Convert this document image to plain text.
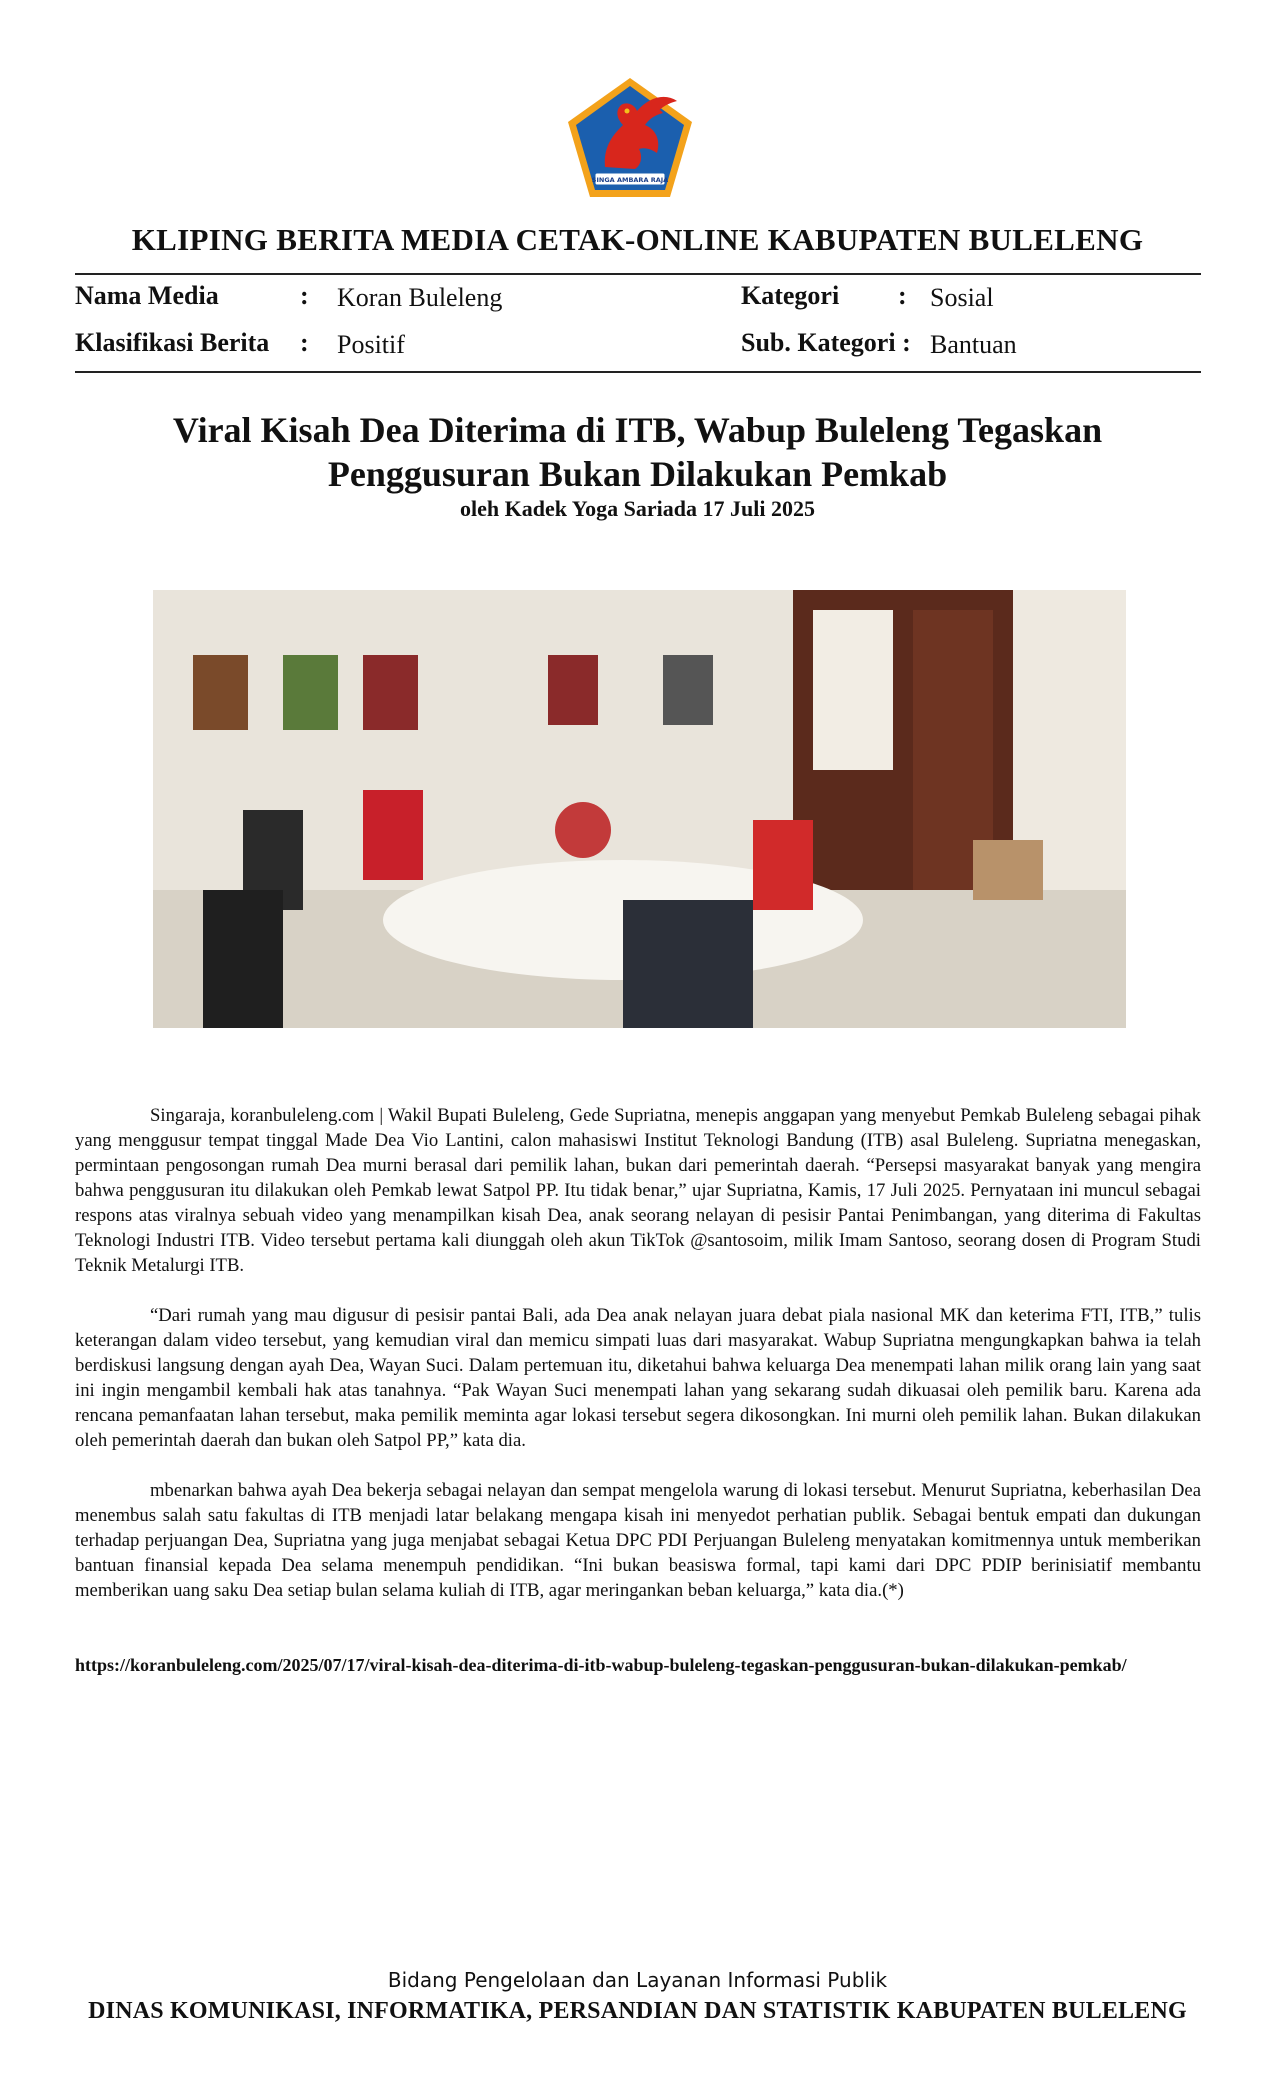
SINGA AMBARA RAJA
KLIPING BERITA MEDIA CETAK-ONLINE KABUPATEN BULELENG
Nama Media	: Koran Buleleng	Kategori : Sosial
Klasifikasi Berita : Positif	Sub. Kategori : Bantuan
Viral Kisah Dea Diterima di ITB, Wabup Buleleng Tegaskan
Penggusuran Bukan Dilakukan Pemkab
oleh Kadek Yoga Sariada 17 Juli 2025

Singaraja, koranbuleleng.com | Wakil Bupati Buleleng, Gede Supriatna, menepis anggapan yang menyebut Pemkab Buleleng sebagai pihak yang menggusur tempat tinggal Made Dea Vio Lantini, calon mahasiswi Institut Teknologi Bandung (ITB) asal Buleleng. Supriatna menegaskan, permintaan pengosongan rumah Dea murni berasal dari pemilik lahan, bukan dari pemerintah daerah. “Persepsi masyarakat banyak yang mengira bahwa penggusuran itu dilakukan oleh Pemkab lewat Satpol PP. Itu tidak benar,” ujar Supriatna, Kamis, 17 Juli 2025. Pernyataan ini muncul sebagai respons atas viralnya sebuah video yang menampilkan kisah Dea, anak seorang nelayan di pesisir Pantai Penimbangan, yang diterima di Fakultas Teknologi Industri ITB. Video tersebut pertama kali diunggah oleh akun TikTok @santosoim, milik Imam Santoso, seorang dosen di Program Studi Teknik Metalurgi ITB.

“Dari rumah yang mau digusur di pesisir pantai Bali, ada Dea anak nelayan juara debat piala nasional MK dan keterima FTI, ITB,” tulis keterangan dalam video tersebut, yang kemudian viral dan memicu simpati luas dari masyarakat. Wabup Supriatna mengungkapkan bahwa ia telah berdiskusi langsung dengan ayah Dea, Wayan Suci. Dalam pertemuan itu, diketahui bahwa keluarga Dea menempati lahan milik orang lain yang saat ini ingin mengambil kembali hak atas tanahnya. “Pak Wayan Suci menempati lahan yang sekarang sudah dikuasai oleh pemilik baru. Karena ada rencana pemanfaatan lahan tersebut, maka pemilik meminta agar lokasi tersebut segera dikosongkan. Ini murni oleh pemilik lahan. Bukan dilakukan oleh pemerintah daerah dan bukan oleh Satpol PP,” kata dia.

mbenarkan bahwa ayah Dea bekerja sebagai nelayan dan sempat mengelola warung di lokasi tersebut. Menurut Supriatna, keberhasilan Dea menembus salah satu fakultas di ITB menjadi latar belakang mengapa kisah ini menyedot perhatian publik. Sebagai bentuk empati dan dukungan terhadap perjuangan Dea, Supriatna yang juga menjabat sebagai Ketua DPC PDI Perjuangan Buleleng menyatakan komitmennya untuk memberikan bantuan finansial kepada Dea selama menempuh pendidikan. “Ini bukan beasiswa formal, tapi kami dari DPC PDIP berinisiatif membantu memberikan uang saku Dea setiap bulan selama kuliah di ITB, agar meringankan beban keluarga,” kata dia.(*)

https://koranbuleleng.com/2025/07/17/viral-kisah-dea-diterima-di-itb-wabup-buleleng-tegaskan-penggusuran-bukan-dilakukan-pemkab/
Bidang Pengelolaan dan Layanan Informasi Publik
DINAS KOMUNIKASI, INFORMATIKA, PERSANDIAN DAN STATISTIK KABUPATEN BULELENG
